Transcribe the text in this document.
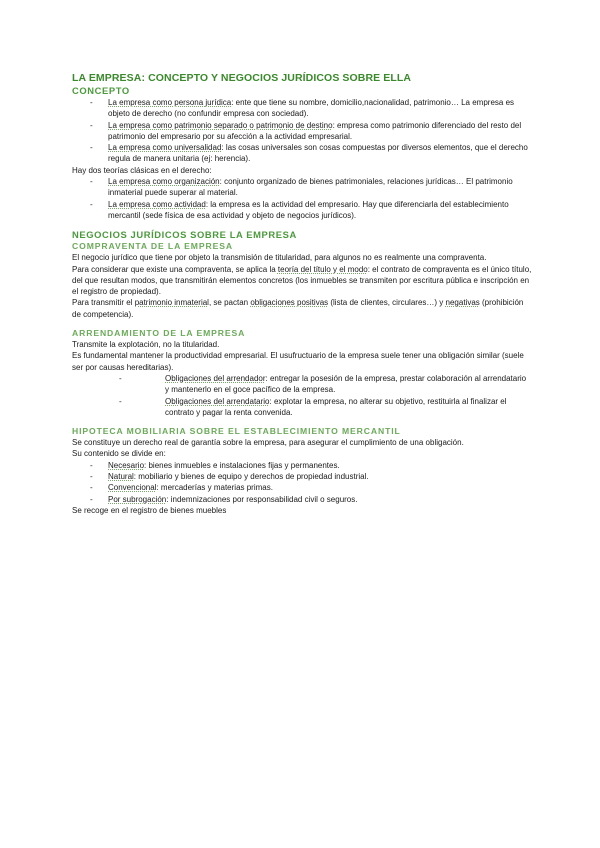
LA EMPRESA: CONCEPTO Y NEGOCIOS JURÍDICOS SOBRE ELLA
CONCEPTO
- La empresa como persona jurídica: ente que tiene su nombre, domicilio,nacionalidad, patrimonio… La empresa es objeto de derecho (no confundir empresa con sociedad).
- La empresa como patrimonio separado o patrimonio de destino: empresa como patrimonio diferenciado del resto del patrimonio del empresario por su afección a la actividad empresarial.
- La empresa como universalidad: las cosas universales son cosas compuestas por diversos elementos, que el derecho regula de manera unitaria (ej: herencia).

Hay dos teorías clásicas en el derecho:

- La empresa como organización: conjunto organizado de bienes patrimoniales, relaciones jurídicas… El patrimonio inmaterial puede superar al material.
- La empresa como actividad: la empresa es la actividad del empresario. Hay que diferenciarla del establecimiento mercantil (sede física de esa actividad y objeto de negocios jurídicos).
NEGOCIOS JURÍDICOS SOBRE LA EMPRESA
COMPRAVENTA DE LA EMPRESA

El negocio jurídico que tiene por objeto la transmisión de titularidad, para algunos no es realmente una compraventa.

Para considerar que existe una compraventa, se aplica la teoría del título y el modo: el contrato de compraventa es el único título, del que resultan modos, que transmitirán elementos concretos (los inmuebles se transmiten por escritura pública e inscripción en el registro de propiedad).

Para transmitir el patrimonio inmaterial, se pactan obligaciones positivas (lista de clientes, circulares…) y negativas (prohibición de competencia).

ARRENDAMIENTO DE LA EMPRESA

Transmite la explotación, no la titularidad.

Es fundamental mantener la productividad empresarial. El usufructuario de la empresa suele tener una obligación similar (suele ser por causas hereditarias).

-	Obligaciones del arrendador: entregar la posesión de la empresa, prestar colaboración al arrendatario y mantenerlo en el goce pacífico de la empresa.
-	Obligaciones del arrendatario: explotar la empresa, no alterar su objetivo, restituirla al finalizar el contrato y pagar la renta convenida.
HIPOTECA MOBILIARIA SOBRE EL ESTABLECIMIENTO MERCANTIL

Se constituye un derecho real de garantía sobre la empresa, para asegurar el cumplimiento de una obligación.

Su contenido se divide en:

- Necesario: bienes inmuebles e instalaciones fijas y permanentes.
- Natural: mobiliario y bienes de equipo y derechos de propiedad industrial.
- Convencional: mercaderías y materias primas.
- Por subrogación: indemnizaciones por responsabilidad civil o seguros.

Se recoge en el registro de bienes muebles
